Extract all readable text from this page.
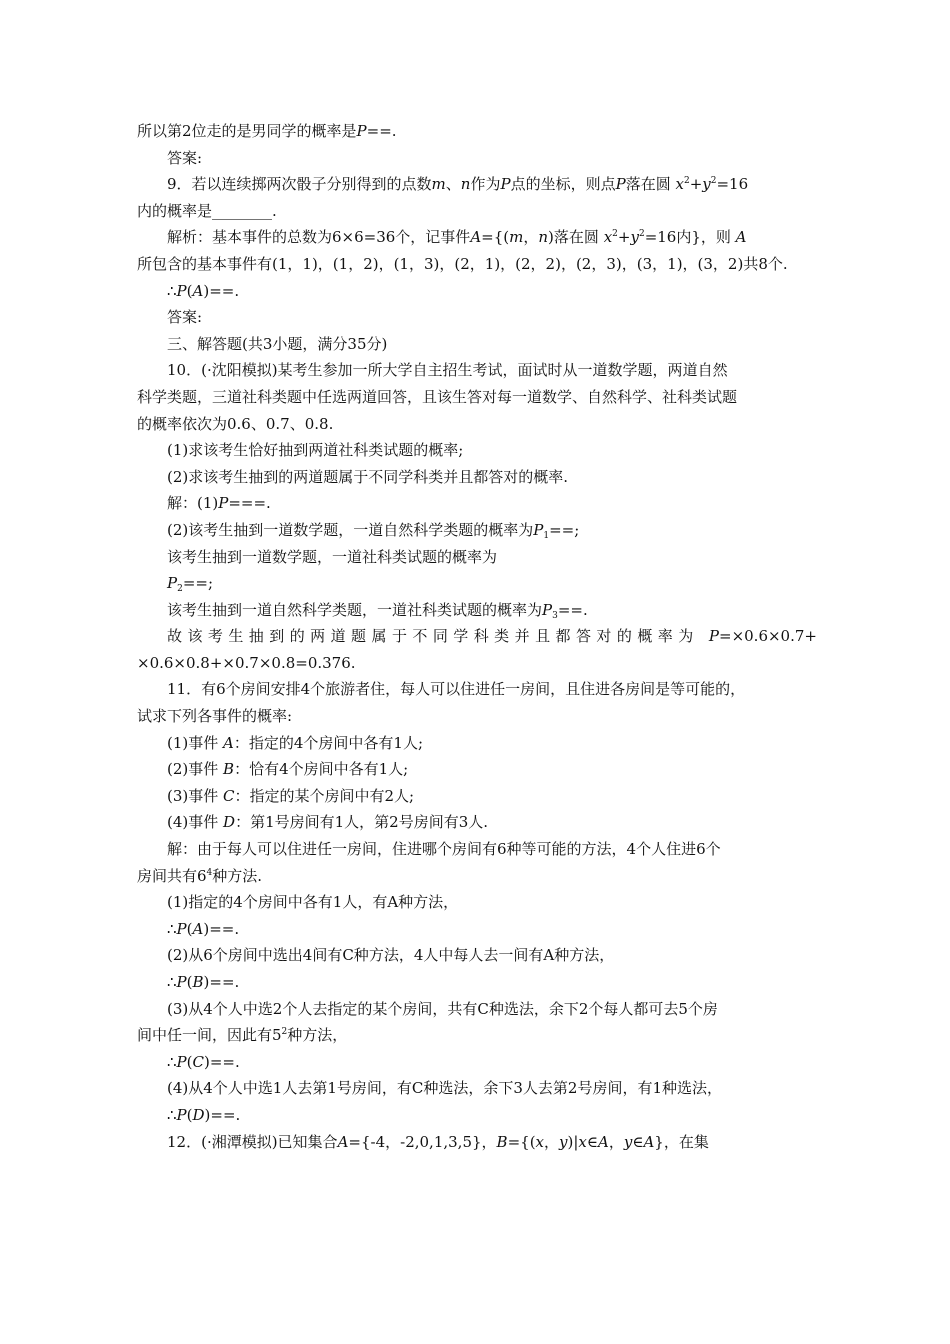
所以第2位走的是男同学的概率是P==.
答案:
9．若以连续掷两次骰子分别得到的点数m、n作为P点的坐标，则点P落在圆 $x^2+y^2=16$
内的概率是________.
解析：基本事件的总数为6×6=36个，记事件A={(m，n)落在圆 $x^2+y^2=16$内}，则 A
所包含的基本事件有(1，1)，(1，2)，(1，3)，(2，1)，(2，2)，(2，3)，(3，1)，(3，2)共8个.
∴P(A)==.
答案:
三、解答题(共3小题，满分35分)
10．(·沈阳模拟)某考生参加一所大学自主招生考试，面试时从一道数学题，两道自然
科学类题，三道社科类题中任选两道回答，且该生答对每一道数学、自然科学、社科类试题
的概率依次为0.6、0.7、0.8.
(1)求该考生恰好抽到两道社科类试题的概率;
(2)求该考生抽到的两道题属于不同学科类并且都答对的概率.
解：(1)P===.
(2)该考生抽到一道数学题，一道自然科学类题的概率为$P_1==$;
该考生抽到一道数学题，一道社科类试题的概率为
$P_2==$;
该考生抽到一道自然科学类题，一道社科类试题的概率为$P_3==$.
故该考生抽到的两道题属于不同学科类并且都答对的概率为 P=×0.6×0.7+
×0.6×0.8+×0.7×0.8=0.376.
11．有6个房间安排4个旅游者住，每人可以住进任一房间，且住进各房间是等可能的，
试求下列各事件的概率:
(1)事件 A：指定的4个房间中各有1人;
(2)事件 B：恰有4个房间中各有1人;
(3)事件 C：指定的某个房间中有2人;
(4)事件 D：第1号房间有1人，第2号房间有3人.
解：由于每人可以住进任一房间，住进哪个房间有6种等可能的方法，4个人住进6个
房间共有$6^4$种方法.
(1)指定的4个房间中各有1人，有A种方法，
∴P(A)==.
(2)从6个房间中选出4间有C种方法，4人中每人去一间有A种方法，
∴P(B)==.
(3)从4个人中选2个人去指定的某个房间，共有C种选法，余下2个每人都可去5个房
间中任一间，因此有$5^2$种方法，
∴P(C)==.
(4)从4个人中选1人去第1号房间，有C种选法，余下3人去第2号房间，有1种选法，
∴P(D)==.
12．(·湘潭模拟)已知集合A={-4，-2,0,1,3,5}，B={(x，y)|x∈A，y∈A}，在集
